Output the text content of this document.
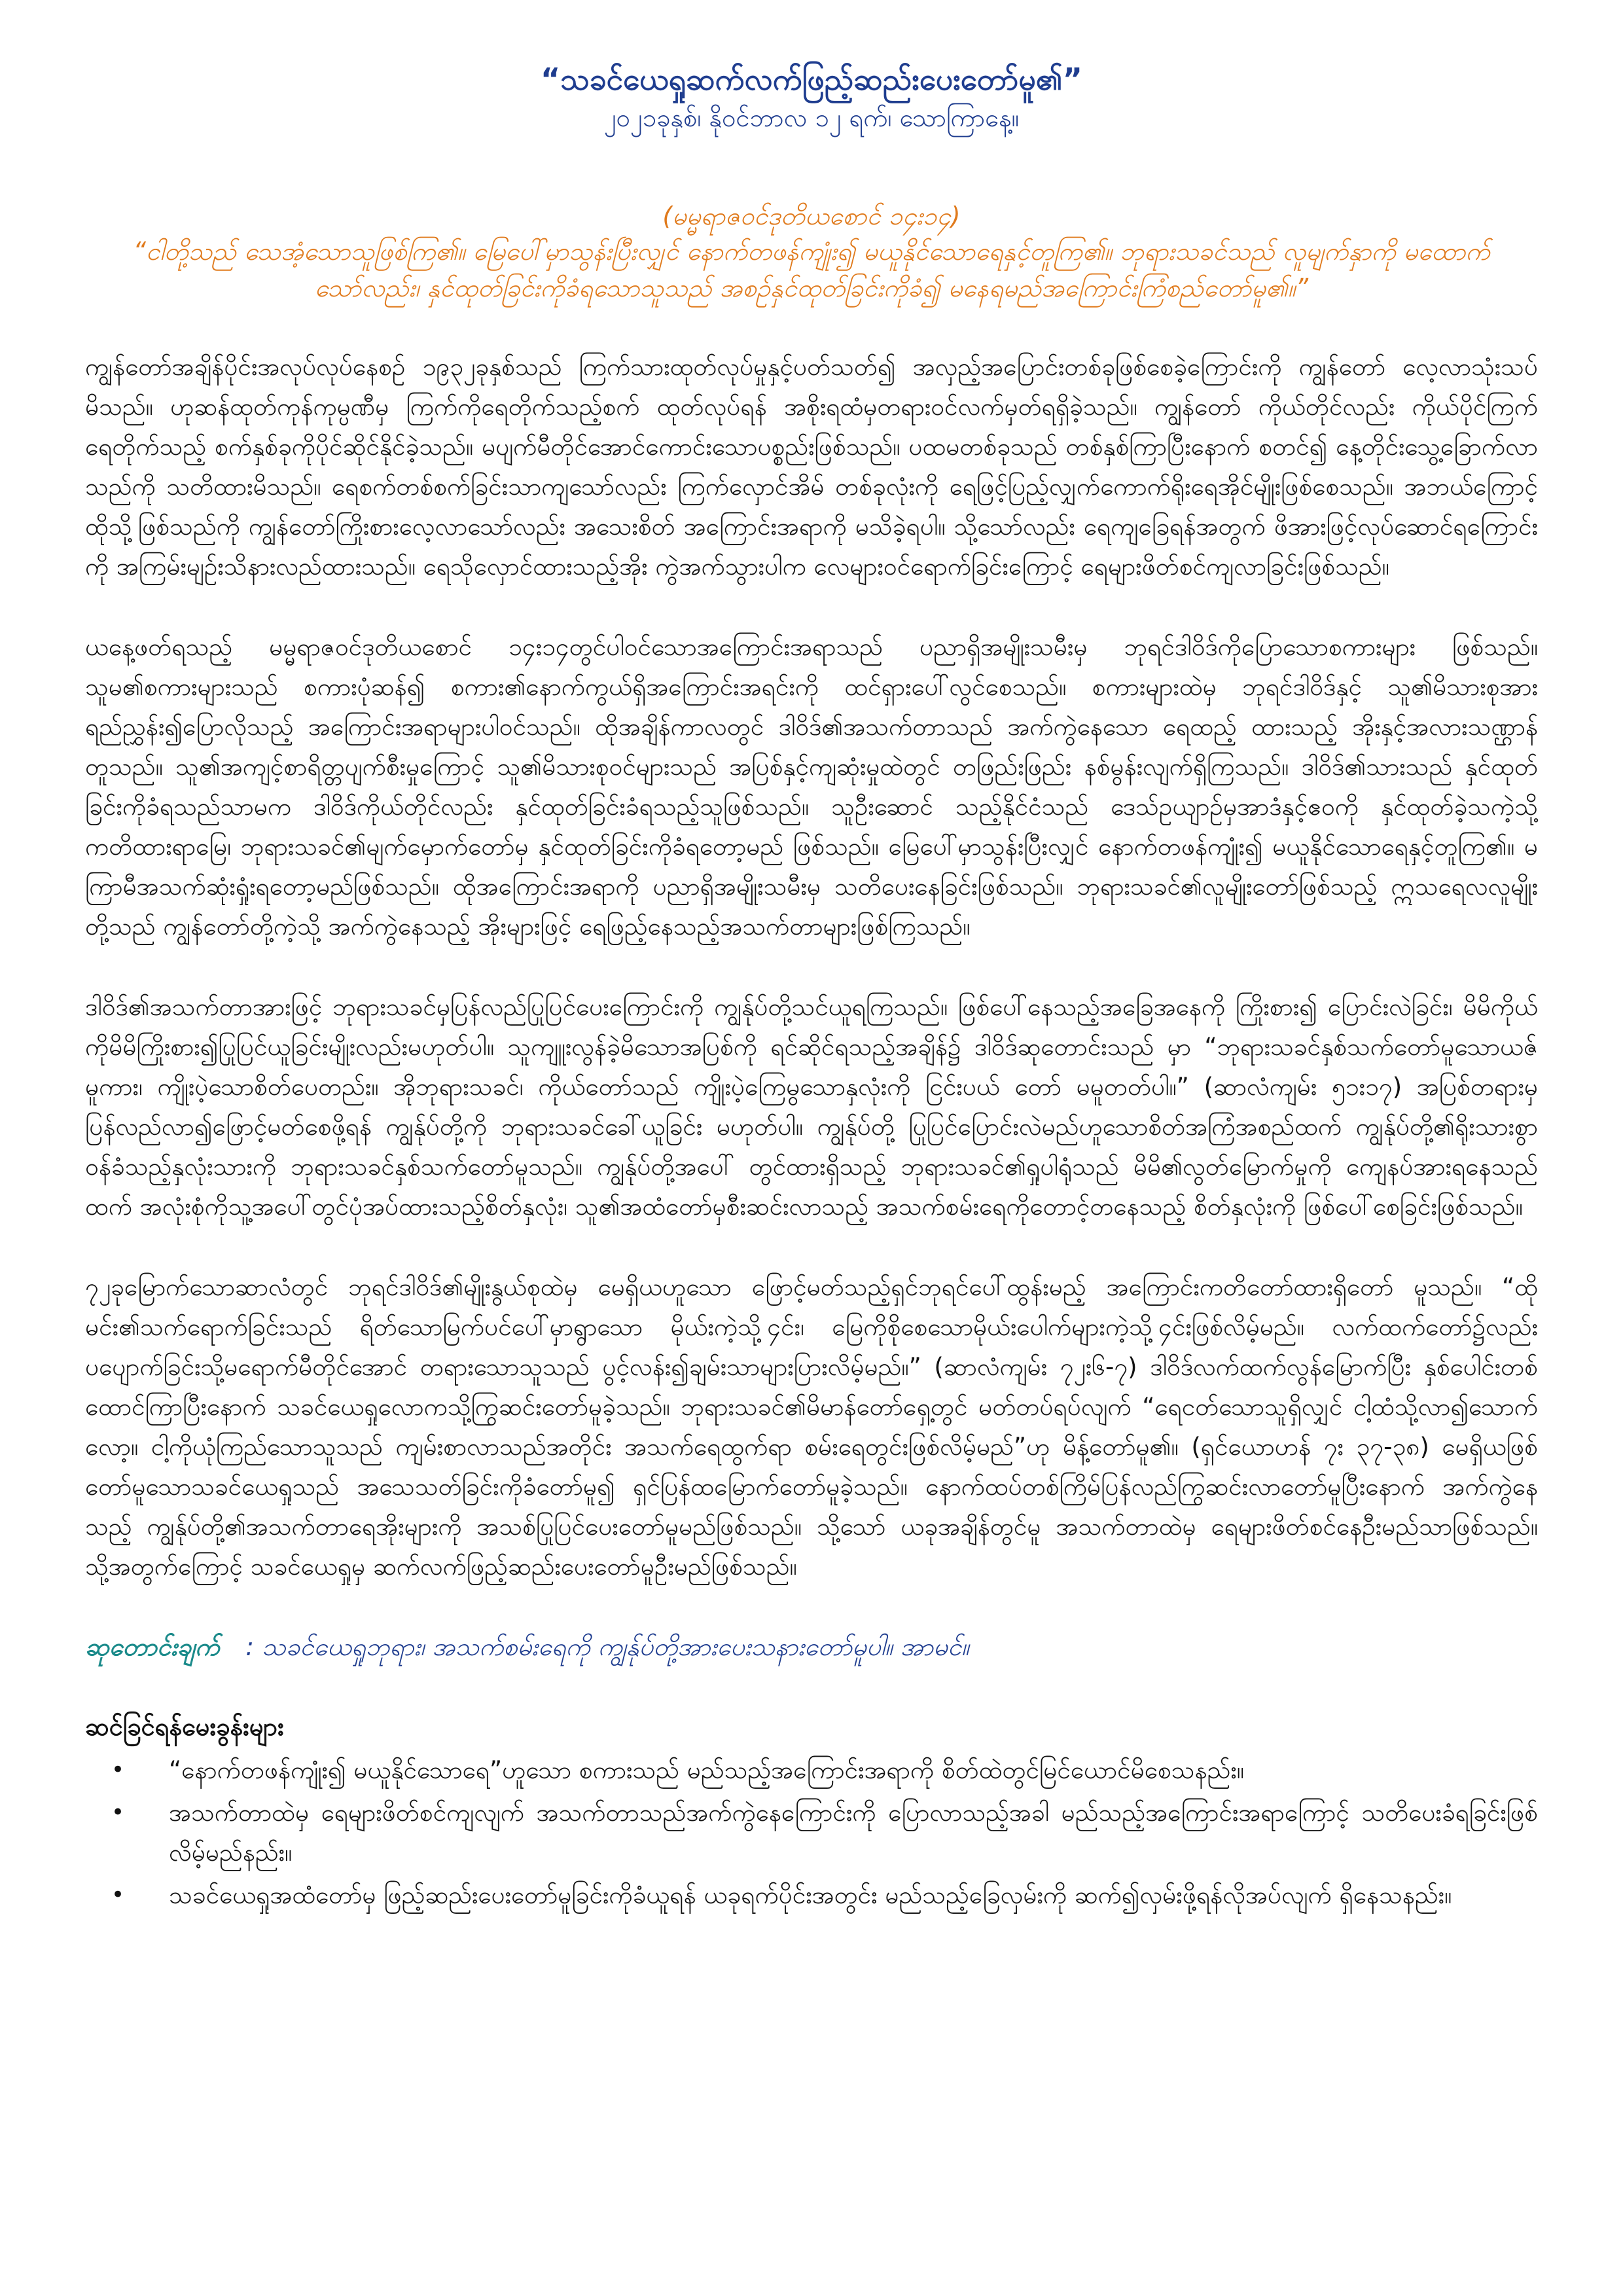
“သခင်ယေရှုဆက်လက်ဖြည့်ဆည်းပေးတော်မူ၏”

၂၀၂၁ခုနှစ်၊ နိုဝင်ဘာလ ၁၂ ရက်၊ သောကြာနေ့။

(မမ္မရာဇဝင်ဒုတိယစောင် ၁၄း၁၄)

“ငါတို့သည် သေအံ့သောသူဖြစ်ကြ၏။ မြေပေါ်မှာသွန်းပြီးလျှင် နောက်တဖန်ကျုံး၍ မယူနိုင်သောရေနှင့်တူကြ၏။ ဘုရားသခင်သည် လူမျက်နှာကို မထောက်သော်လည်း၊ နှင်ထုတ်ခြင်းကိုခံရသောသူသည် အစဉ်နှင်ထုတ်ခြင်းကိုခံ၍ မနေရမည်အကြောင်းကြံစည်တော်မူ၏။”

ကျွန်တော်အချိန်ပိုင်းအလုပ်လုပ်နေစဉ် ၁၉၃၂ခုနှစ်သည် ကြက်သားထုတ်လုပ်မှုနှင့်ပတ်သတ်၍ အလှည့်အပြောင်းတစ်ခုဖြစ်စေခဲ့ကြောင်းကို ကျွန်တော် လေ့လာသုံးသပ်မိသည်။ ဟုဆန်ထုတ်ကုန်ကုမ္ပဏီမှ ကြက်ကိုရေတိုက်သည့်စက် ထုတ်လုပ်ရန် အစိုးရထံမှတရားဝင်လက်မှတ်ရရှိခဲ့သည်။ ကျွန်တော် ကိုယ်တိုင်လည်း ကိုယ်ပိုင်ကြက်ရေတိုက်သည့် စက်နှစ်ခုကိုပိုင်ဆိုင်နိုင်ခဲ့သည်။ မပျက်မီတိုင်အောင်ကောင်းသောပစ္စည်းဖြစ်သည်။ ပထမတစ်ခုသည် တစ်နှစ်ကြာပြီးနောက် စတင်၍ နေ့တိုင်းသွေ့ခြောက်လာသည်ကို သတိထားမိသည်။ ရေစက်တစ်စက်ခြင်းသာကျသော်လည်း ကြက်လှောင်အိမ် တစ်ခုလုံးကို ရေဖြင့်ပြည့်လျှက်ကောက်ရိုးရေအိုင်မျိုးဖြစ်စေသည်။ အဘယ်ကြောင့်ထိုသို့ဖြစ်သည်ကို ကျွန်တော်ကြိုးစားလေ့လာသော်လည်း အသေးစိတ် အကြောင်းအရာကို မသိခဲ့ရပါ။ သို့သော်လည်း ရေကျခြေရန်အတွက် ဖိအားဖြင့်လုပ်ဆောင်ရကြောင်းကို အကြမ်းမျဉ်းသိနားလည်ထားသည်။ ရေသိုလှောင်ထားသည့်အိုး ကွဲအက်သွားပါက လေများဝင်ရောက်ခြင်းကြောင့် ရေများဖိတ်စင်ကျလာခြင်းဖြစ်သည်။

ယနေ့ဖတ်ရသည့် မမ္မရာဇဝင်ဒုတိယစောင် ၁၄း၁၄တွင်ပါဝင်သောအကြောင်းအရာသည် ပညာရှိအမျိုးသမီးမှ ဘုရင်ဒါဝိဒ်ကိုပြောသောစကားများ ဖြစ်သည်။ သူမ၏စကားများသည် စကားပုံဆန်၍ စကား၏နောက်ကွယ်ရှိအကြောင်းအရင်းကို ထင်ရှားပေါ်လွင်စေသည်။ စကားများထဲမှ ဘုရင်ဒါဝိဒ်နှင့် သူ၏မိသားစုအားရည်ညွှန်း၍ပြောလိုသည့် အကြောင်းအရာများပါဝင်သည်။ ထိုအချိန်ကာလတွင် ဒါဝိဒ်၏အသက်တာသည် အက်ကွဲနေသော ရေထည့် ထားသည့် အိုးနှင့်အလားသဏ္ဌာန်တူသည်။ သူ၏အကျင့်စာရိတ္တပျက်စီးမှုကြောင့် သူ၏မိသားစုဝင်များသည် အပြစ်နှင့်ကျဆုံးမှုထဲတွင် တဖြည်းဖြည်း နစ်မွန်းလျက်ရှိကြသည်။ ဒါဝိဒ်၏သားသည် နှင်ထုတ်ခြင်းကိုခံရသည်သာမက ဒါဝိဒ်ကိုယ်တိုင်လည်း နှင်ထုတ်ခြင်းခံရသည့်သူဖြစ်သည်။ သူဦးဆောင် သည့်နိုင်ငံသည် ဒေသ်ဥယျာဉ်မှအာဒံနှင့်ဧဝကို နှင်ထုတ်ခဲ့သကဲ့သို့ ကတိထားရာမြေ၊ ဘုရားသခင်၏မျက်မှောက်တော်မှ နှင်ထုတ်ခြင်းကိုခံရတော့မည် ဖြစ်သည်။ မြေပေါ်မှာသွန်းပြီးလျှင် နောက်တဖန်ကျုံး၍ မယူနိုင်သောရေနှင့်တူကြ၏။ မကြာမီအသက်ဆုံးရှုံးရတော့မည်ဖြစ်သည်။ ထိုအကြောင်းအရာကို ပညာရှိအမျိုးသမီးမှ သတိပေးနေခြင်းဖြစ်သည်။ ဘုရားသခင်၏လူမျိုးတော်ဖြစ်သည့် ဣသရေလလူမျိုးတို့သည် ကျွန်တော်တို့ကဲ့သို့ အက်ကွဲနေသည့် အိုးများဖြင့် ရေဖြည့်နေသည့်အသက်တာများဖြစ်ကြသည်။

ဒါဝိဒ်၏အသက်တာအားဖြင့် ဘုရားသခင်မှပြန်လည်ပြုပြင်ပေးကြောင်းကို ကျွန်ုပ်တို့သင်ယူရကြသည်။ ဖြစ်ပေါ်နေသည့်အခြေအနေကို ကြိုးစား၍ ပြောင်းလဲခြင်း၊ မိမိကိုယ်ကိုမိမိကြိုးစား၍ပြုပြင်ယူခြင်းမျိုးလည်းမဟုတ်ပါ။ သူကျူးလွန်ခဲ့မိသောအပြစ်ကို ရင်ဆိုင်ရသည့်အချိန်၌ ဒါဝိဒ်ဆုတောင်းသည် မှာ “ဘုရားသခင်နှစ်သက်တော်မူသောယဇ်မူကား၊ ကျိုးပဲ့သောစိတ်ပေတည်း။ အိုဘုရားသခင်၊ ကိုယ်တော်သည် ကျိုးပဲ့ကြေမွသောနှလုံးကို ငြင်းပယ် တော် မမူတတ်ပါ။” (ဆာလံကျမ်း ၅၁း၁၇) အပြစ်တရားမှပြန်လည်လာ၍ဖြောင့်မတ်စေဖို့ရန် ကျွန်ုပ်တို့ကို ဘုရားသခင်ခေါ်ယူခြင်း မဟုတ်ပါ။ ကျွန်ုပ်တို့ ပြုပြင်ပြောင်းလဲမည်ဟူသောစိတ်အကြံအစည်ထက် ကျွန်ုပ်တို့၏ရိုးသားစွာဝန်ခံသည့်နှလုံးသားကို ဘုရားသခင်နှစ်သက်တော်မူသည်။ ကျွန်ုပ်တို့အပေါ် တွင်ထားရှိသည့် ဘုရားသခင်၏ရှုပါရုံသည် မိမိ၏လွတ်မြောက်မှုကို ကျေနပ်အားရနေသည်ထက် အလုံးစုံကိုသူ့အပေါ်တွင်ပုံအပ်ထားသည့်စိတ်နှလုံး၊ သူ၏အထံတော်မှစီးဆင်းလာသည့် အသက်စမ်းရေကိုတောင့်တနေသည့် စိတ်နှလုံးကို ဖြစ်ပေါ်စေခြင်းဖြစ်သည်။

၇၂ခုမြောက်သောဆာလံတွင် ဘုရင်ဒါဝိဒ်၏မျိုးနွယ်စုထဲမှ မေရှိယဟူသော ဖြောင့်မတ်သည့်ရှင်ဘုရင်ပေါ်ထွန်းမည့် အကြောင်းကတိတော်ထားရှိတော် မူသည်။ “ထိုမင်း၏သက်ရောက်ခြင်းသည် ရိတ်သောမြက်ပင်ပေါ်မှာရွာသော မိုယ်းကဲ့သို့၄င်း၊ မြေကိုစိုစေသောမိုယ်းပေါက်များကဲ့သို့၄င်းဖြစ်လိမ့်မည်။ လက်ထက်တော်၌လည်း ပပျောက်ခြင်းသို့မရောက်မီတိုင်အောင် တရားသောသူသည် ပွင့်လန်း၍ချမ်းသာများပြားလိမ့်မည်။” (ဆာလံကျမ်း ၇၂း၆-၇) ဒါဝိဒ်လက်ထက်လွန်မြောက်ပြီး နှစ်ပေါင်းတစ်ထောင်ကြာပြီးနောက် သခင်ယေရှုလောကသို့ကြွဆင်းတော်မူခဲ့သည်။ ဘုရားသခင်၏မိမာန်တော်ရှေ့တွင် မတ်တပ်ရပ်လျက် “ရေငတ်သောသူရှိလျှင် ငါ့ထံသို့လာ၍သောက်လော့။ ငါ့ကိုယုံကြည်သောသူသည် ကျမ်းစာလာသည်အတိုင်း အသက်ရေထွက်ရာ စမ်းရေတွင်းဖြစ်လိမ့်မည်”ဟု မိန့်တော်မူ၏။ (ရှင်ယောဟန် ၇း ၃၇-၃၈) မေရှိယဖြစ်တော်မူသောသခင်ယေရှုသည် အသေသတ်ခြင်းကိုခံတော်မူ၍ ရှင်ပြန်ထမြောက်တော်မူခဲ့သည်။ နောက်ထပ်တစ်ကြိမ်ပြန်လည်ကြွဆင်းလာတော်မူပြီးနောက် အက်ကွဲနေသည့် ကျွန်ုပ်တို့၏အသက်တာရေအိုးများကို အသစ်ပြုပြင်ပေးတော်မူမည်ဖြစ်သည်။ သို့သော် ယခုအချိန်တွင်မူ အသက်တာထဲမှ ရေများဖိတ်စင်နေဦးမည်သာဖြစ်သည်။ သို့အတွက်ကြောင့် သခင်ယေရှုမှ ဆက်လက်ဖြည့်ဆည်းပေးတော်မူဦးမည်ဖြစ်သည်။

ဆုတောင်းချက် : သခင်ယေရှုဘုရား၊ အသက်စမ်းရေကို ကျွန်ုပ်တို့အားပေးသနားတော်မူပါ။ အာမင်။

ဆင်ခြင်ရန်မေးခွန်းများ

• “နောက်တဖန်ကျုံး၍ မယူနိုင်သောရေ”ဟူသော စကားသည် မည်သည့်အကြောင်းအရာကို စိတ်ထဲတွင်မြင်ယောင်မိစေသနည်း။
• အသက်တာထဲမှ ရေများဖိတ်စင်ကျလျက် အသက်တာသည်အက်ကွဲနေကြောင်းကို ပြောလာသည့်အခါ မည်သည့်အကြောင်းအရာကြောင့် သတိပေးခံရခြင်းဖြစ်လိမ့်မည်နည်း။
• သခင်ယေရှုအထံတော်မှ ဖြည့်ဆည်းပေးတော်မူခြင်းကိုခံယူရန် ယခုရက်ပိုင်းအတွင်း မည်သည့်ခြေလှမ်းကို ဆက်၍လှမ်းဖို့ရန်လိုအပ်လျက် ရှိနေသနည်း။
